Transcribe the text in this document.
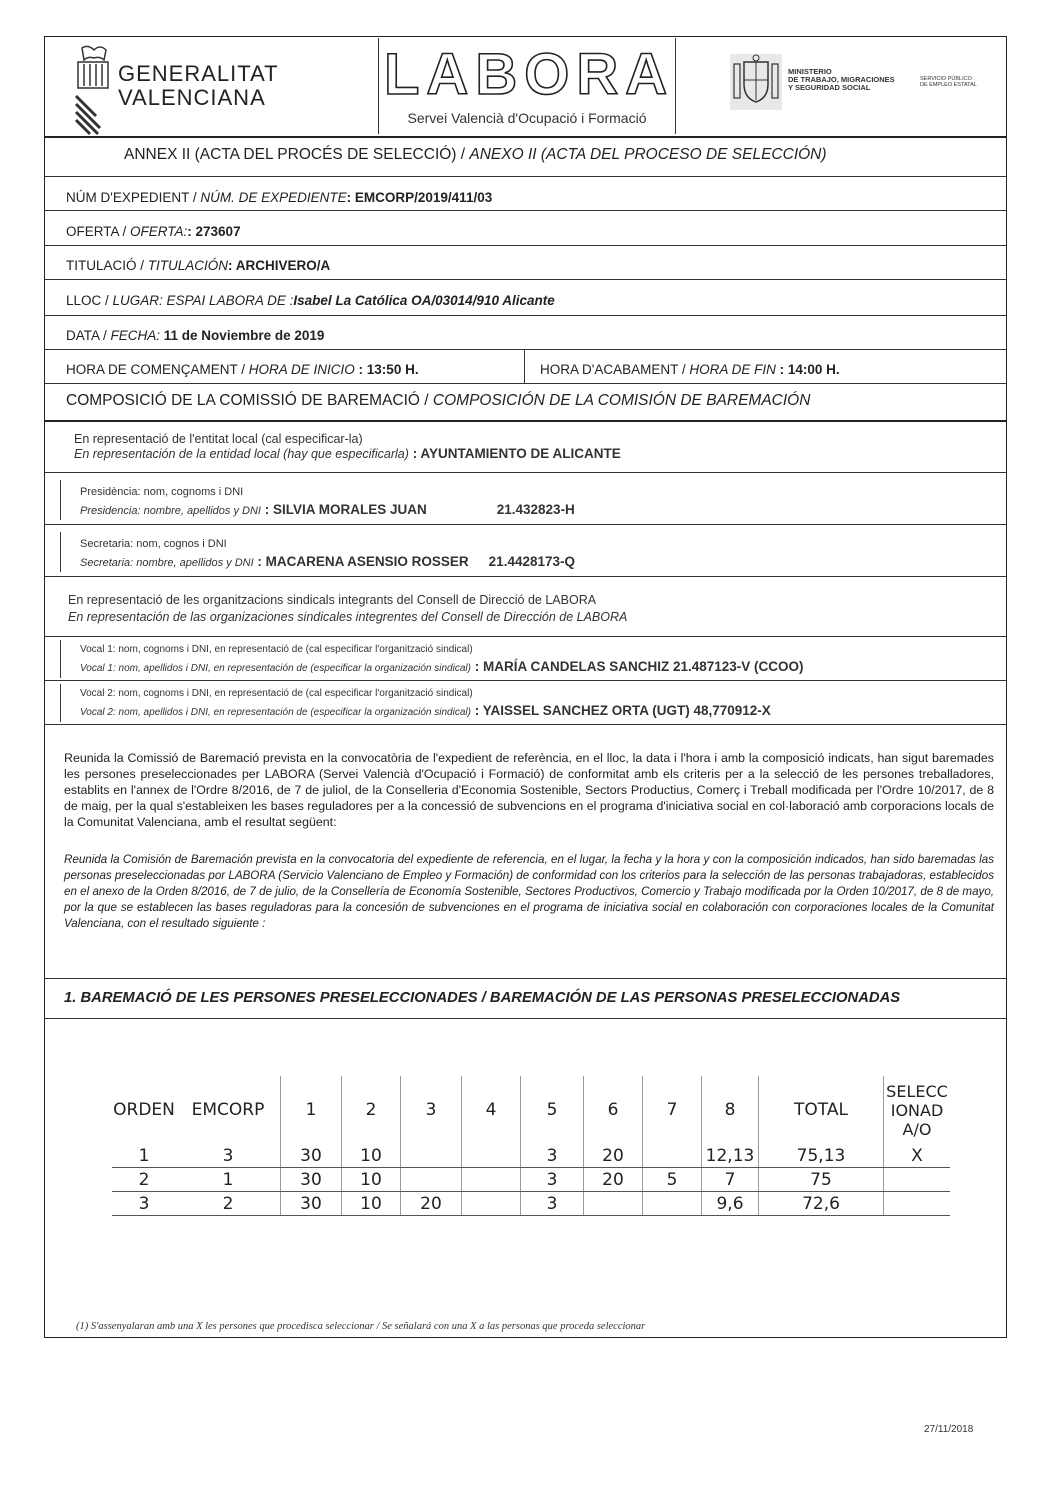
GENERALITAT
VALENCIANA LABORA
Servei Valencià d'Ocupació i Formació
MINISTERIO
DE TRABAJO, MIGRACIONES
Y SEGURIDAD SOCIAL
SERVICIO PÚBLICO
DE EMPLEO ESTATAL
ANNEX II (ACTA DEL PROCÉS DE SELECCIÓ) / ANEXO II (ACTA DEL PROCESO DE SELECCIÓN)
NÚM D'EXPEDIENT / NÚM. DE EXPEDIENTE: EMCORP/2019/411/03
OFERTA / OFERTA:: 273607
TITULACIÓ / TITULACIÓN: ARCHIVERO/A
LLOC / LUGAR: ESPAI LABORA DE :Isabel La Católica OA/03014/910 Alicante
DATA / FECHA: 11 de Noviembre de 2019
HORA DE COMENÇAMENT / HORA DE INICIO : 13:50 H.	HORA D'ACABAMENT / HORA DE FIN : 14:00 H.
COMPOSICIÓ DE LA COMISSIÓ DE BAREMACIÓ / COMPOSICIÓN DE LA COMISIÓN DE BAREMACIÓN
En representació de l'entitat local (cal especificar-la)
En representación de la entidad local (hay que especificarla) : AYUNTAMIENTO DE ALICANTE
Presidència: nom, cognoms i DNI
Presidencia: nombre, apellidos y DNI : SILVIA MORALES JUAN	21.432823-H
Secretaria: nom, cognos i DNI
Secretaria: nombre, apellidos y DNI : MACARENA ASENSIO ROSSER 21.4428173-Q
En representació de les organitzacions sindicals integrants del Consell de Direcció de LABORA
En representación de las organizaciones sindicales integrentes del Consell de Dirección de LABORA
Vocal 1: nom, cognoms i DNI, en representació de (cal especificar l'organització sindical)
Vocal 1: nom, apellidos i DNI, en representación de (especificar la organización sindical) : MARÍA CANDELAS SANCHIZ 21.487123-V (CCOO)
Vocal 2: nom, cognoms i DNI, en representació de (cal especificar l'organització sindical)
Vocal 2: nom, apellidos i DNI, en representación de (especificar la organización sindical) : YAISSEL SANCHEZ ORTA (UGT) 48,770912-X
Reunida la Comissió de Baremació prevista en la convocatòria de l'expedient de referència, en el lloc, la data i l'hora i amb la composició indicats, han sigut baremades les persones preseleccionades per LABORA (Servei Valencià d'Ocupació i Formació) de conformitat amb els criteris per a la selecció de les persones treballadores, establits en l'annex de l'Ordre 8/2016, de 7 de juliol, de la Conselleria d'Economia Sostenible, Sectors Productius, Comerç i Treball modificada per l'Ordre 10/2017, de 8 de maig, per la qual s'estableixen les bases reguladores per a la concessió de subvencions en el programa d'iniciativa social en col·laboració amb corporacions locals de la Comunitat Valenciana, amb el resultat següent:
Reunida la Comisión de Baremación prevista en la convocatoria del expediente de referencia, en el lugar, la fecha y la hora y con la composición indicados, han sido baremadas las personas preseleccionadas por LABORA (Servicio Valenciano de Empleo y Formación) de conformidad con los criterios para la selección de las personas trabajadoras, establecidos en el anexo de la Orden 8/2016, de 7 de julio, de la Consellería de Economía Sostenible, Sectores Productivos, Comercio y Trabajo modificada por la Orden 10/2017, de 8 de mayo, por la que se establecen las bases reguladoras para la concesión de subvenciones en el programa de iniciativa social en colaboración con corporaciones locales de la Comunitat Valenciana, con el resultado siguiente :
1. BAREMACIÓ DE LES PERSONES PRESELECCIONADES / BAREMACIÓN DE LAS PERSONAS PRESELECCIONADAS
ORDEN	EMCORP	1	2	3	4	5	6	7	8	TOTAL	SELECC
IONAD
A/O

1	3	30	10			3	20		12,13	75,13	X
2	1	30	10			3	20	5	7	75	
3	2	30	10	20		3			9,6	72,6	
(1) S'assenyalaran amb una X les persones que procedisca seleccionar / Se señalará con una X a las personas que proceda seleccionar
27/11/2018
